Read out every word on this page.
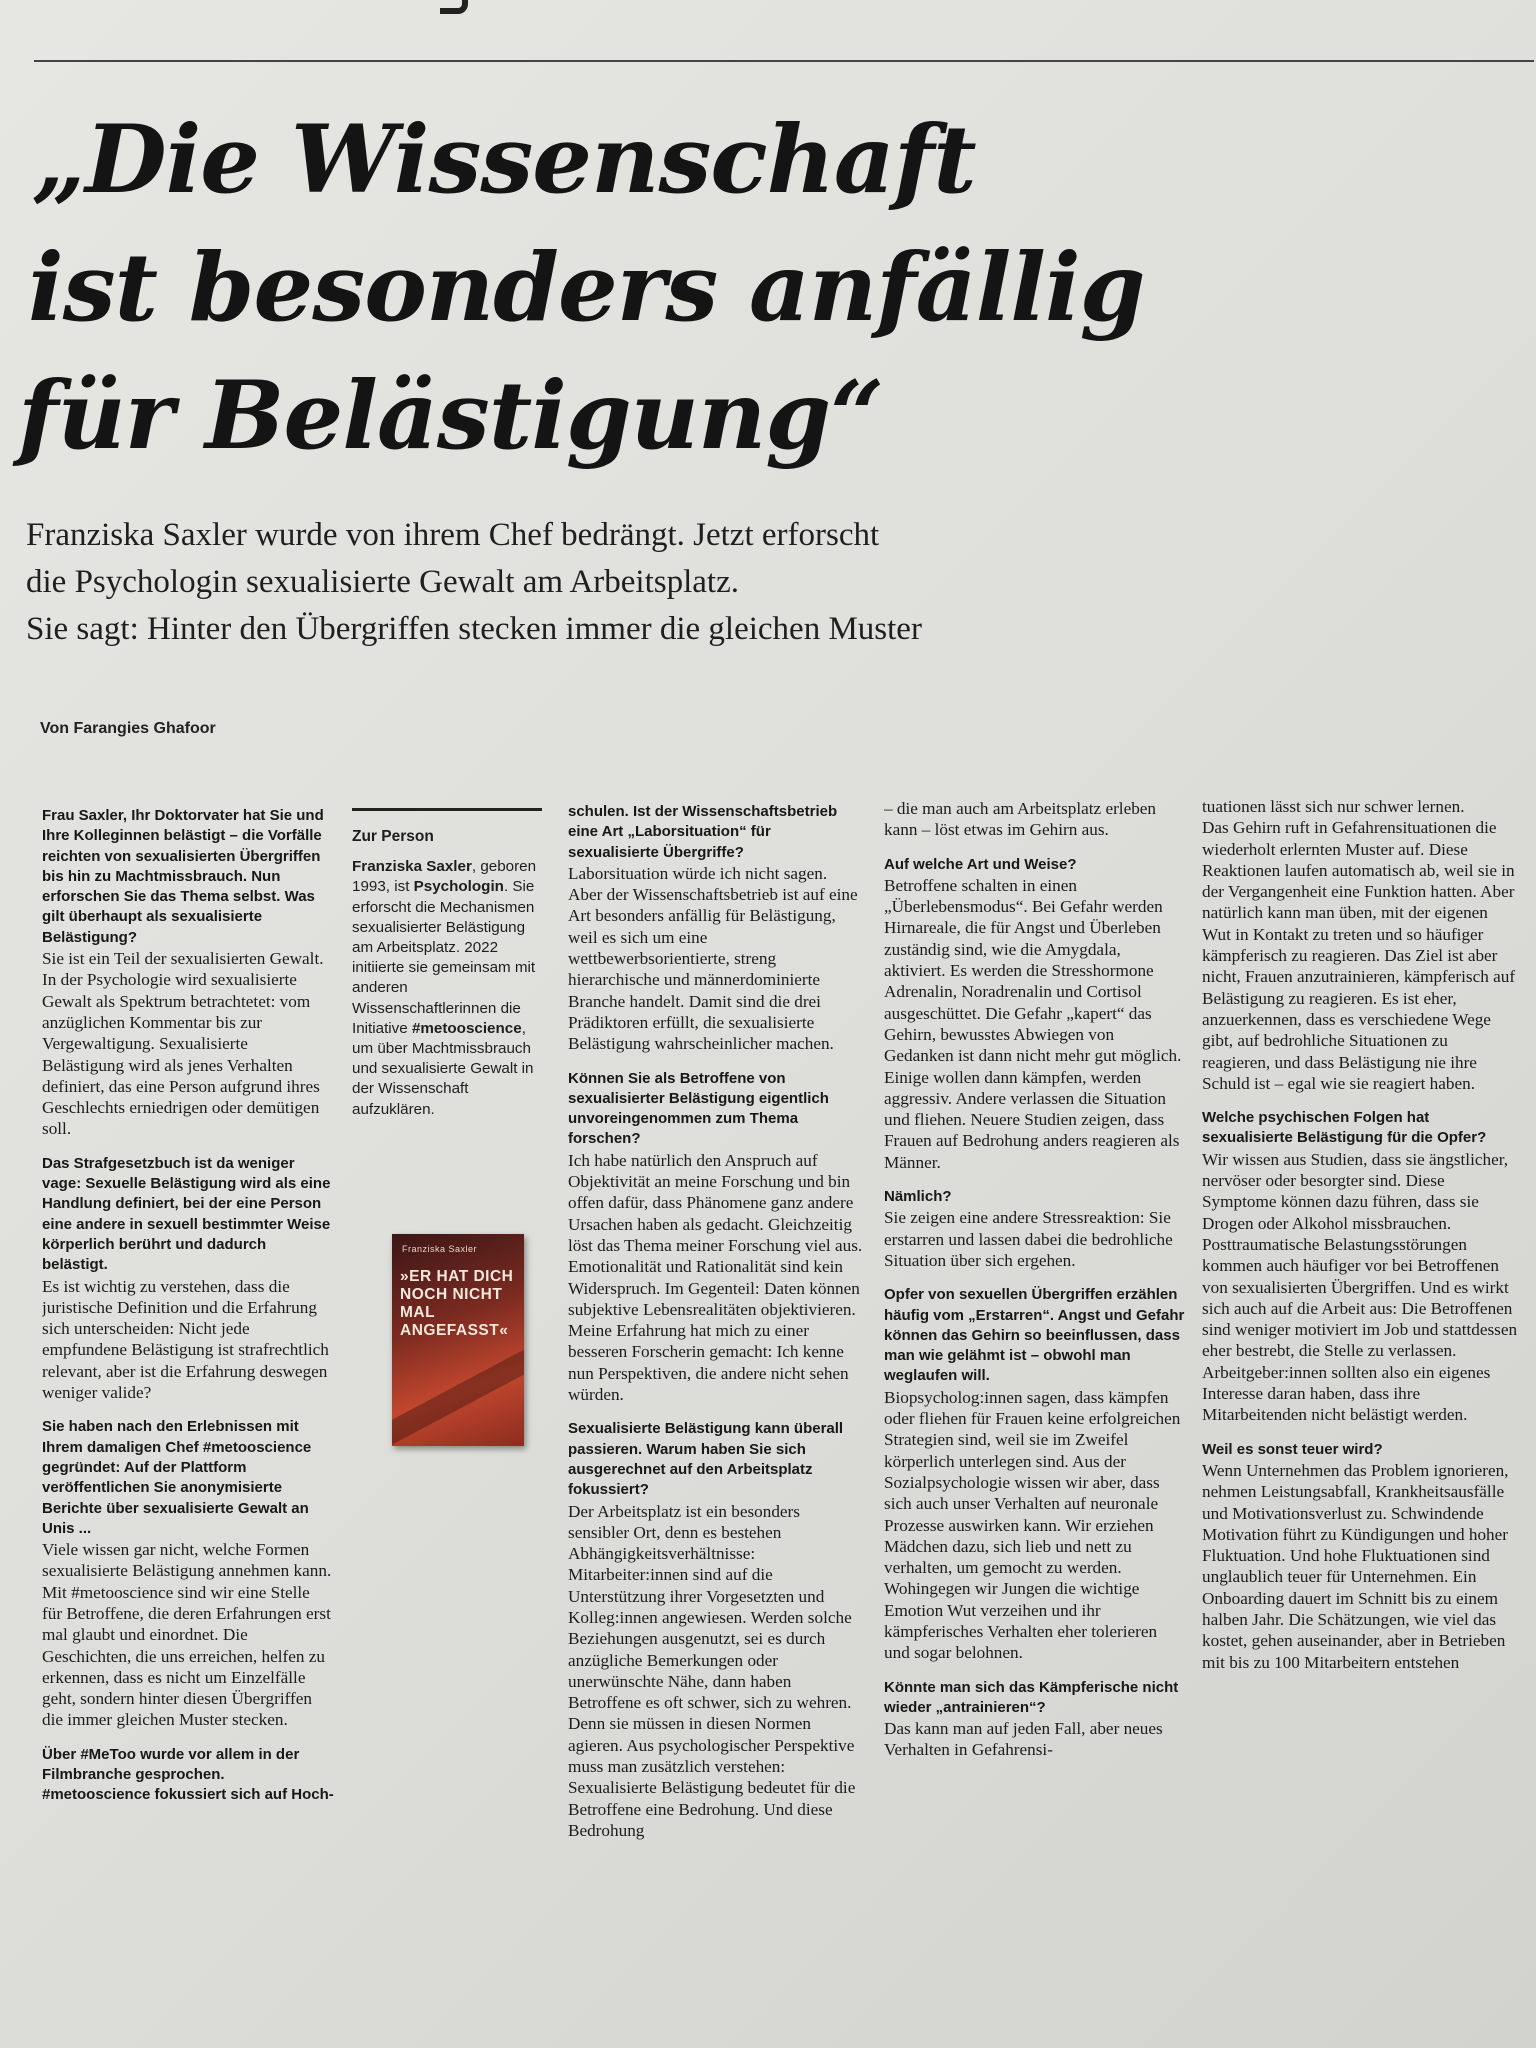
„Die Wissenschaft
ist besonders anfällig
für Belästigung“
Franziska Saxler wurde von ihrem Chef bedrängt. Jetzt erforscht
die Psychologin sexualisierte Gewalt am Arbeitsplatz.
Sie sagt: Hinter den Übergriffen stecken immer die gleichen Muster
Von Farangies Ghafoor

Frau Saxler, Ihr Doktorvater hat Sie und Ihre Kolleginnen belästigt – die Vorfälle reichten von sexualisierten Übergriffen bis hin zu Machtmissbrauch. Nun erforschen Sie das Thema selbst. Was gilt überhaupt als sexualisierte Belästigung?

Sie ist ein Teil der sexualisierten Gewalt. In der Psychologie wird sexualisierte Gewalt als Spektrum betrachtetet: vom anzüglichen Kommentar bis zur Vergewaltigung. Sexualisierte Belästigung wird als jenes Verhalten definiert, das eine Person aufgrund ihres Geschlechts erniedrigen oder demütigen soll.

Das Strafgesetzbuch ist da weniger vage: Sexuelle Belästigung wird als eine Handlung definiert, bei der eine Person eine andere in sexuell bestimmter Weise körperlich berührt und dadurch belästigt.

Es ist wichtig zu verstehen, dass die juristische Definition und die Erfahrung sich unterscheiden: Nicht jede empfundene Belästigung ist strafrechtlich relevant, aber ist die Erfahrung deswegen weniger valide?

Sie haben nach den Erlebnissen mit Ihrem damaligen Chef #metooscience gegründet: Auf der Plattform veröffentlichen Sie anonymisierte Berichte über sexualisierte Gewalt an Unis ...

Viele wissen gar nicht, welche Formen sexualisierte Belästigung annehmen kann. Mit #metooscience sind wir eine Stelle für Betroffene, die deren Erfahrungen erst mal glaubt und einordnet. Die Geschichten, die uns erreichen, helfen zu erkennen, dass es nicht um Einzelfälle geht, sondern hinter diesen Übergriffen die immer gleichen Muster stecken.

Über #MeToo wurde vor allem in der Filmbranche gesprochen. #metooscience fokussiert sich auf Hoch-

Zur Person

Franziska Saxler, geboren 1993, ist Psychologin. Sie erforscht die Mechanismen sexualisierter Belästigung am Arbeitsplatz. 2022 initiierte sie gemeinsam mit anderen Wissenschaftlerinnen die Initiative #metooscience, um über Machtmissbrauch und sexualisierte Gewalt in der Wissenschaft aufzuklären.

Franziska Saxler
»ER HAT DICH NOCH NICHT MAL ANGEFASST«

schulen. Ist der Wissenschaftsbetrieb eine Art „Laborsituation“ für sexualisierte Übergriffe?

Laborsituation würde ich nicht sagen. Aber der Wissenschaftsbetrieb ist auf eine Art besonders anfällig für Belästigung, weil es sich um eine wettbewerbsorientierte, streng hierarchische und männerdominierte Branche handelt. Damit sind die drei Prädiktoren erfüllt, die sexualisierte Belästigung wahrscheinlicher machen.

Können Sie als Betroffene von sexualisierter Belästigung eigentlich unvoreingenommen zum Thema forschen?

Ich habe natürlich den Anspruch auf Objektivität an meine Forschung und bin offen dafür, dass Phänomene ganz andere Ursachen haben als gedacht. Gleichzeitig löst das Thema meiner Forschung viel aus. Emotionalität und Rationalität sind kein Widerspruch. Im Gegenteil: Daten können subjektive Lebensrealitäten objektivieren. Meine Erfahrung hat mich zu einer besseren Forscherin gemacht: Ich kenne nun Perspektiven, die andere nicht sehen würden.

Sexualisierte Belästigung kann überall passieren. Warum haben Sie sich ausgerechnet auf den Arbeitsplatz fokussiert?

Der Arbeitsplatz ist ein besonders sensibler Ort, denn es bestehen Abhängigkeitsverhältnisse: Mitarbeiter:innen sind auf die Unterstützung ihrer Vorgesetzten und Kolleg:innen angewiesen. Werden solche Beziehungen ausgenutzt, sei es durch anzügliche Bemerkungen oder unerwünschte Nähe, dann haben Betroffene es oft schwer, sich zu wehren. Denn sie müssen in diesen Normen agieren. Aus psychologischer Perspektive muss man zusätzlich verstehen: Sexualisierte Belästigung bedeutet für die Betroffene eine Bedrohung. Und diese Bedrohung

– die man auch am Arbeitsplatz erleben kann – löst etwas im Gehirn aus.

Auf welche Art und Weise?

Betroffene schalten in einen „Überlebensmodus“. Bei Gefahr werden Hirnareale, die für Angst und Überleben zuständig sind, wie die Amygdala, aktiviert. Es werden die Stresshormone Adrenalin, Noradrenalin und Cortisol ausgeschüttet. Die Gefahr „kapert“ das Gehirn, bewusstes Abwiegen von Gedanken ist dann nicht mehr gut möglich. Einige wollen dann kämpfen, werden aggressiv. Andere verlassen die Situation und fliehen. Neuere Studien zeigen, dass Frauen auf Bedrohung anders reagieren als Männer.

Nämlich?

Sie zeigen eine andere Stressreaktion: Sie erstarren und lassen dabei die bedrohliche Situation über sich ergehen.

Opfer von sexuellen Übergriffen erzählen häufig vom „Erstarren“. Angst und Gefahr können das Gehirn so beeinflussen, dass man wie gelähmt ist – obwohl man weglaufen will.

Biopsycholog:innen sagen, dass kämpfen oder fliehen für Frauen keine erfolgreichen Strategien sind, weil sie im Zweifel körperlich unterlegen sind. Aus der Sozialpsychologie wissen wir aber, dass sich auch unser Verhalten auf neuronale Prozesse auswirken kann. Wir erziehen Mädchen dazu, sich lieb und nett zu verhalten, um gemocht zu werden. Wohingegen wir Jungen die wichtige Emotion Wut verzeihen und ihr kämpferisches Verhalten eher tolerieren und sogar belohnen.

Könnte man sich das Kämpferische nicht wieder „antrainieren“?

Das kann man auf jeden Fall, aber neues Verhalten in Gefahrensi-

tuationen lässt sich nur schwer lernen.

Das Gehirn ruft in Gefahrensituationen die wiederholt erlernten Muster auf. Diese Reaktionen laufen automatisch ab, weil sie in der Vergangenheit eine Funktion hatten. Aber natürlich kann man üben, mit der eigenen Wut in Kontakt zu treten und so häufiger kämpferisch zu reagieren. Das Ziel ist aber nicht, Frauen anzutrainieren, kämpferisch auf Belästigung zu reagieren. Es ist eher, anzuerkennen, dass es verschiedene Wege gibt, auf bedrohliche Situationen zu reagieren, und dass Belästigung nie ihre Schuld ist – egal wie sie reagiert haben.

Welche psychischen Folgen hat sexualisierte Belästigung für die Opfer?

Wir wissen aus Studien, dass sie ängstlicher, nervöser oder besorgter sind. Diese Symptome können dazu führen, dass sie Drogen oder Alkohol missbrauchen. Posttraumatische Belastungsstörungen kommen auch häufiger vor bei Betroffenen von sexualisierten Übergriffen. Und es wirkt sich auch auf die Arbeit aus: Die Betroffenen sind weniger motiviert im Job und stattdessen eher bestrebt, die Stelle zu verlassen. Arbeitgeber:innen sollten also ein eigenes Interesse daran haben, dass ihre Mitarbeitenden nicht belästigt werden.

Weil es sonst teuer wird?

Wenn Unternehmen das Problem ignorieren, nehmen Leistungsabfall, Krankheitsausfälle und Motivationsverlust zu. Schwindende Motivation führt zu Kündigungen und hoher Fluktuation. Und hohe Fluktuationen sind unglaublich teuer für Unternehmen. Ein Onboarding dauert im Schnitt bis zu einem halben Jahr. Die Schätzungen, wie viel das kostet, gehen auseinander, aber in Betrieben mit bis zu 100 Mitarbeitern entstehen
